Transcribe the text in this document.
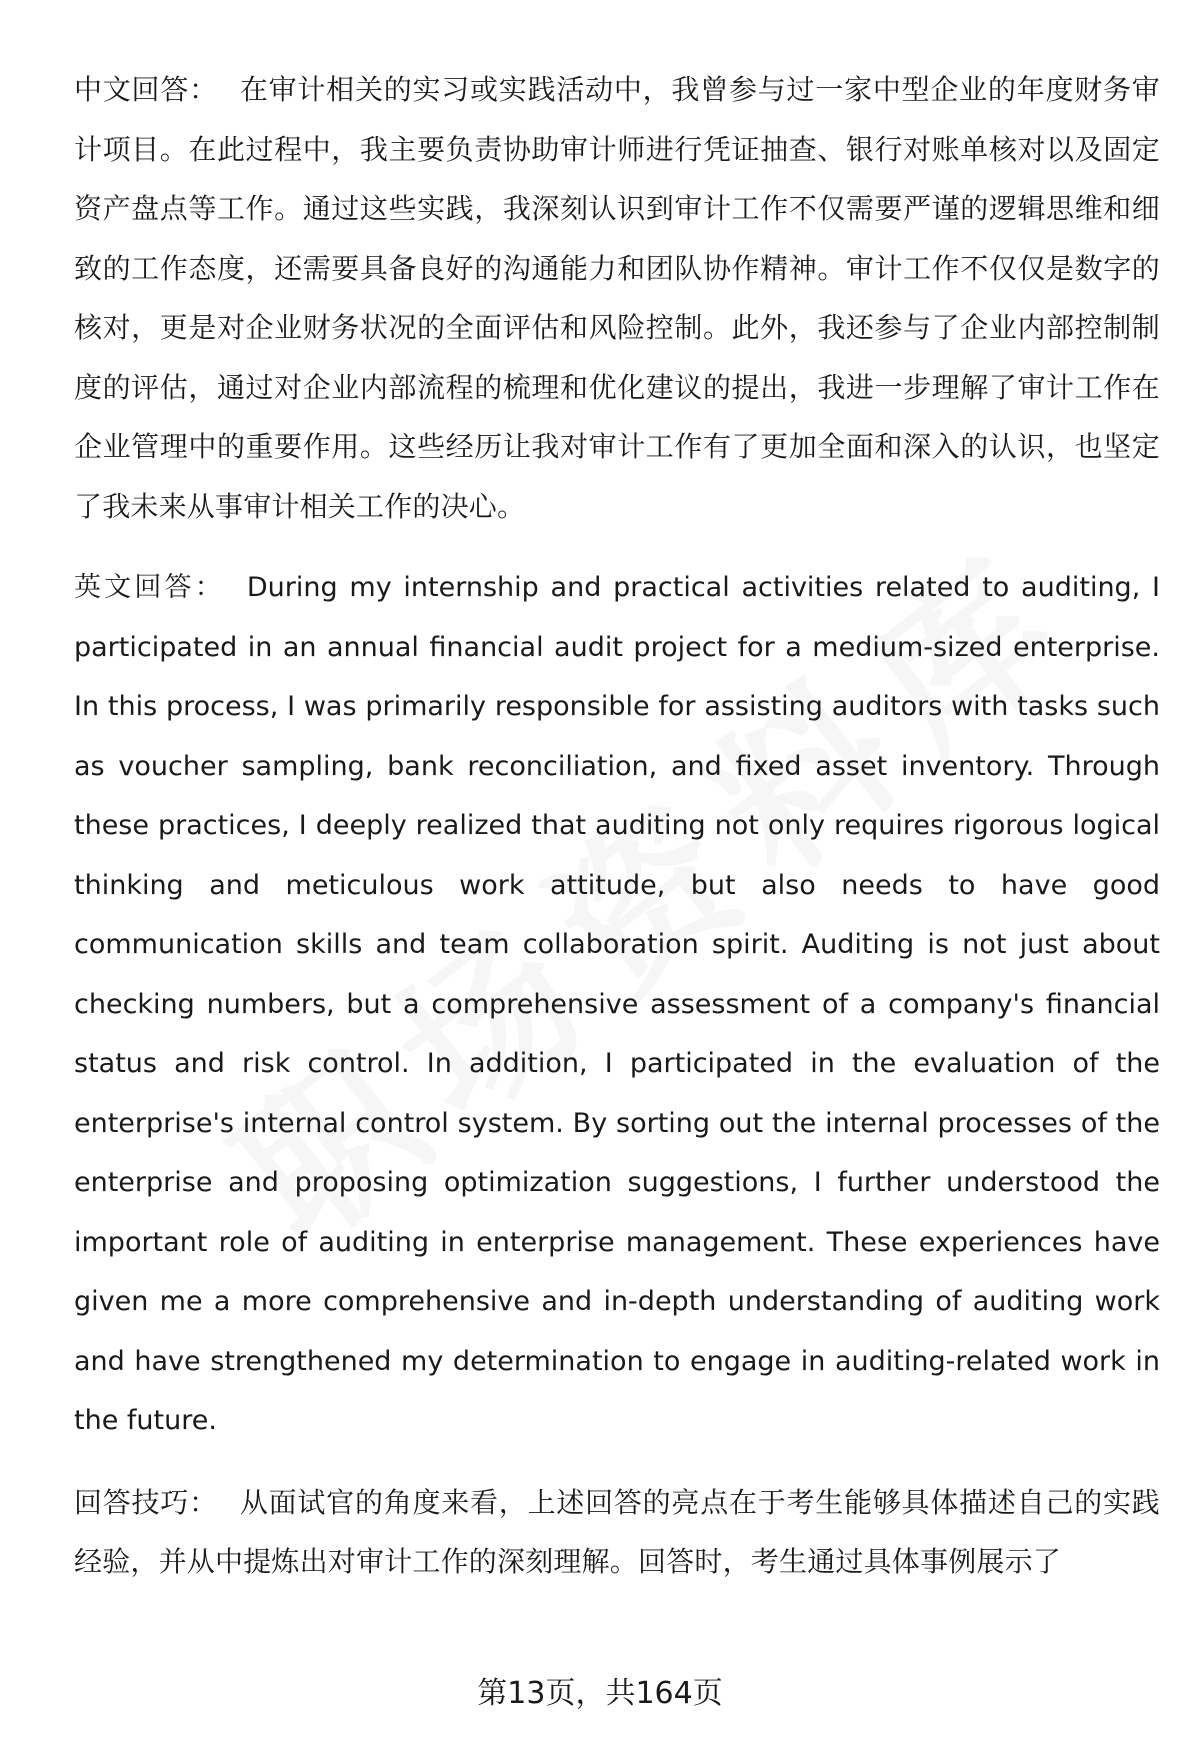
中文回答： 在审计相关的实习或实践活动中，我曾参与过一家中型企业的年度财务审计项目。在此过程中，我主要负责协助审计师进行凭证抽查、银行对账单核对以及固定资产盘点等工作。通过这些实践，我深刻认识到审计工作不仅需要严谨的逻辑思维和细致的工作态度，还需要具备良好的沟通能力和团队协作精神。审计工作不仅仅是数字的核对，更是对企业财务状况的全面评估和风险控制。此外，我还参与了企业内部控制制度的评估，通过对企业内部流程的梳理和优化建议的提出，我进一步理解了审计工作在企业管理中的重要作用。这些经历让我对审计工作有了更加全面和深入的认识，也坚定了我未来从事审计相关工作的决心。

英文回答： During my internship and practical activities related to auditing, I participated in an annual financial audit project for a medium-sized enterprise. In this process, I was primarily responsible for assisting auditors with tasks such as voucher sampling, bank reconciliation, and fixed asset inventory. Through these practices, I deeply realized that auditing not only requires rigorous logical thinking and meticulous work attitude, but also needs to have good communication skills and team collaboration spirit. Auditing is not just about checking numbers, but a comprehensive assessment of a company's financial status and risk control. In addition, I participated in the evaluation of the enterprise's internal control system. By sorting out the internal processes of the enterprise and proposing optimization suggestions, I further understood the important role of auditing in enterprise management. These experiences have given me a more comprehensive and in-depth understanding of auditing work and have strengthened my determination to engage in auditing-related work in the future.

回答技巧： 从面试官的角度来看，上述回答的亮点在于考生能够具体描述自己的实践经验，并从中提炼出对审计工作的深刻理解。回答时，考生通过具体事例展示了

第13页，共164页
